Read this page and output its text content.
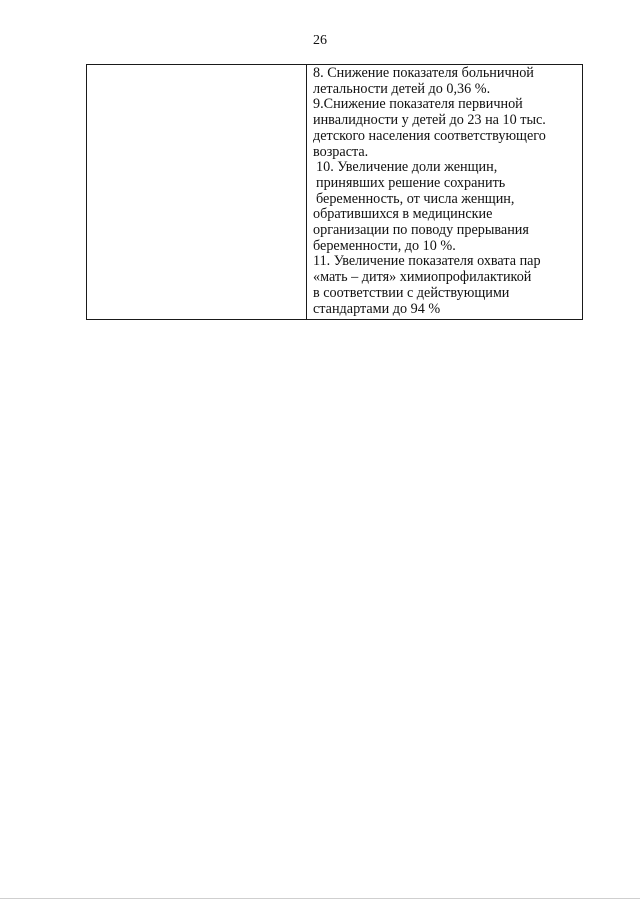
26

8. Снижение показателя больничной
летальности детей до 0,36 %.
9.Снижение показателя первичной
инвалидности у детей до 23 на 10 тыс.
детского населения соответствующего
возраста.
10. Увеличение доли женщин,
принявших решение сохранить
беременность, от числа женщин,
обратившихся в медицинские
организации по поводу прерывания
беременности, до 10 %.
11. Увеличение показателя охвата пар
«мать – дитя» химиопрофилактикой
в соответствии с действующими
стандартами до 94 %
